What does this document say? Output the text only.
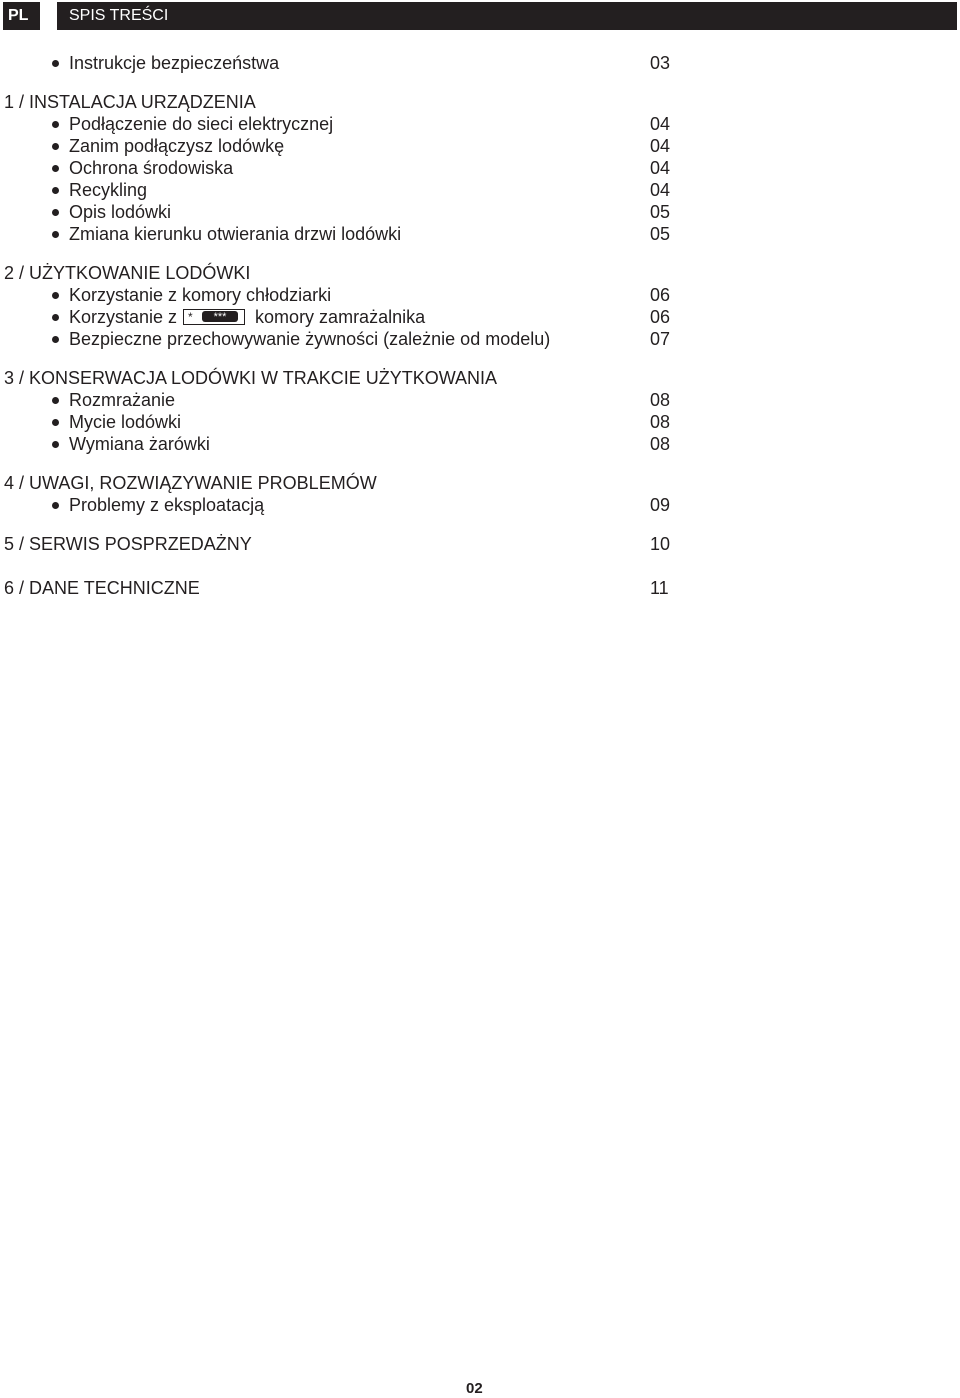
PL	SPIS TREŚCI
Instrukcje bezpieczeństwa	03
1 / INSTALACJA URZĄDZENIA
Podłączenie do sieci elektrycznej	04
Zanim podłączysz lodówkę	04
Ochrona środowiska	04
Recykling	04
Opis lodówki	05
Zmiana kierunku otwierania drzwi lodówki	05
2 / UŻYTKOWANIE LODÓWKI
Korzystanie z komory chłodziarki	06
Korzystanie z *	***	komory zamrażalnika	06
Bezpieczne przechowywanie żywności (zależnie od modelu)	07
3 / KONSERWACJA LODÓWKI W TRAKCIE UŻYTKOWANIA
Rozmrażanie	08
Mycie lodówki	08
Wymiana żarówki	08
4 / UWAGI, ROZWIĄZYWANIE PROBLEMÓW
Problemy z eksploatacją	09
5 / SERWIS POSPRZEDAŻNY	10
6 / DANE TECHNICZNE	11
02
